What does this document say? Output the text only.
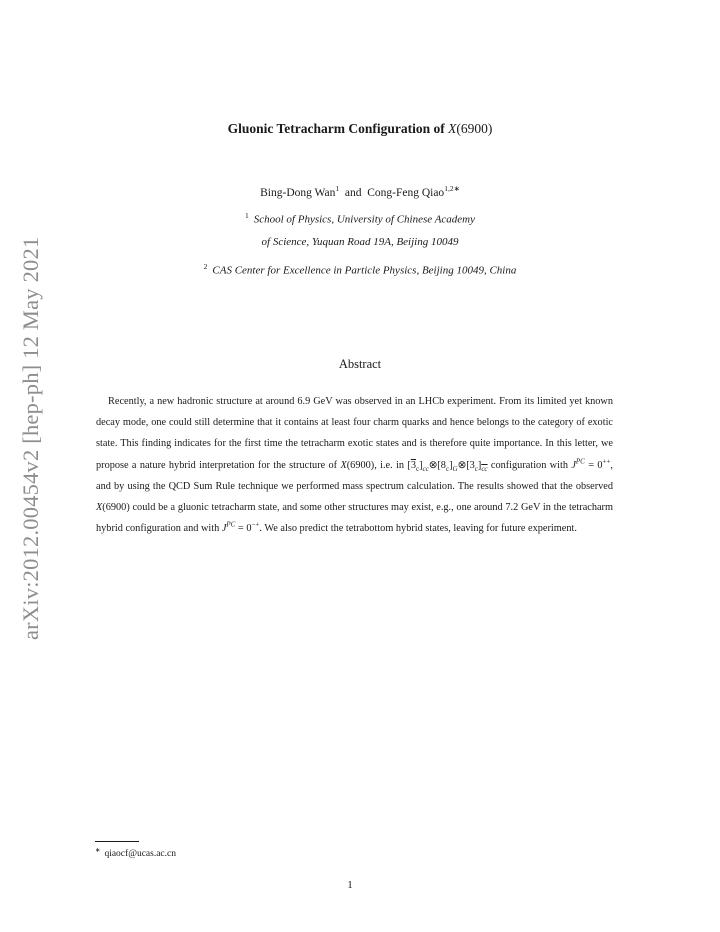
arXiv:2012.00454v2 [hep-ph] 12 May 2021
Gluonic Tetracharm Configuration of X(6900)
Bing-Dong Wan$^1$ and Cong-Feng Qiao$^{1,2∗}$
$^1$ School of Physics, University of Chinese Academy
of Science, Yuquan Road 19A, Beijing 10049
$^2$ CAS Center for Excellence in Particle Physics, Beijing 10049, China
Abstract

Recently, a new hadronic structure at around 6.9 GeV was observed in an LHCb experiment. From its limited yet known decay mode, one could still determine that it contains at least four charm quarks and hence belongs to the category of exotic state. This finding indicates for the first time the tetracharm exotic states and is therefore quite importance. In this letter, we propose a nature hybrid interpretation for the structure of X(6900), i.e. in $[3_c]_{cc}\otimes[8_c]_G\otimes[3_c]_{\overline{cc}}$ configuration with $J^{PC} = 0^{++}$, and by using the QCD Sum Rule technique we performed mass spectrum calculation. The results showed that the observed X(6900) could be a gluonic tetracharm state, and some other structures may exist, e.g., one around 7.2 GeV in the tetracharm hybrid configuration and with $J^{PC} = 0^{-+}$. We also predict the tetrabottom hybrid states, leaving for future experiment.

∗ qiaocf@ucas.ac.cn
1
